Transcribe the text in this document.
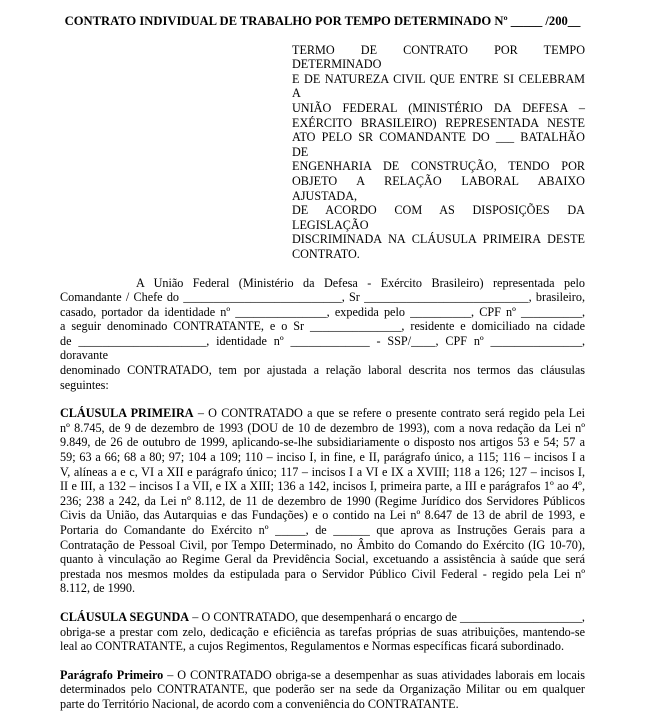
CONTRATO INDIVIDUAL DE TRABALHO POR TEMPO DETERMINADO Nº _____ /200__
TERMO DE CONTRATO POR TEMPO DETERMINADO
E DE NATUREZA CIVIL QUE ENTRE SI CELEBRAM A
UNIÃO FEDERAL (MINISTÉRIO DA DEFESA –
EXÉRCITO BRASILEIRO) REPRESENTADA NESTE
ATO PELO SR COMANDANTE DO ___ BATALHÃO DE
ENGENHARIA DE CONSTRUÇÃO, TENDO POR
OBJETO A RELAÇÃO LABORAL ABAIXO AJUSTADA,
DE ACORDO COM AS DISPOSIÇÕES DA LEGISLAÇÃO
DISCRIMINADA NA CLÁUSULA PRIMEIRA DESTE
CONTRATO.
A União Federal (Ministério da Defesa - Exército Brasileiro) representada pelo
Comandante / Chefe do __________________________, Sr ___________________________, brasileiro,
casado, portador da identidade nº _______________, expedida pelo __________, CPF nº __________,
a seguir denominado CONTRATANTE, e o Sr _______________, residente e domiciliado na cidade
de _____________________, identidade nº _____________ - SSP/____, CPF nº _______________, doravante
denominado CONTRATADO, tem por ajustada a relação laboral descrita nos termos das cláusulas
seguintes:
CLÁUSULA PRIMEIRA – O CONTRATADO a que se refere o presente contrato será regido pela Lei
nº 8.745, de 9 de dezembro de 1993 (DOU de 10 de dezembro de 1993), com a nova redação da Lei nº
9.849, de 26 de outubro de 1999, aplicando-se-lhe subsidiariamente o disposto nos artigos 53 e 54; 57 a
59; 63 a 66; 68 a 80; 97; 104 a 109; 110 – inciso I, in fine, e II, parágrafo único, a 115; 116 – incisos I a
V, alíneas a e c, VI a XII e parágrafo único; 117 – incisos I a VI e IX a XVIII; 118 a 126; 127 – incisos I,
II e III, a 132 – incisos I a VII, e IX a XIII; 136 a 142, incisos I, primeira parte, a III e parágrafos 1º ao 4º,
236; 238 a 242, da Lei nº 8.112, de 11 de dezembro de 1990 (Regime Jurídico dos Servidores Públicos
Civis da União, das Autarquias e das Fundações) e o contido na Lei nº 8.647 de 13 de abril de 1993, e
Portaria do Comandante do Exército nº _____, de ______ que aprova as Instruções Gerais para a
Contratação de Pessoal Civil, por Tempo Determinado, no Âmbito do Comando do Exército (IG 10-70),
quanto à vinculação ao Regime Geral da Previdência Social, excetuando a assistência à saúde que será
prestada nos mesmos moldes da estipulada para o Servidor Público Civil Federal - regido pela Lei nº
8.112, de 1990.
CLÁUSULA SEGUNDA – O CONTRATADO, que desempenhará o encargo de ____________________,
obriga-se a prestar com zelo, dedicação e eficiência as tarefas próprias de suas atribuições, mantendo-se
leal ao CONTRATANTE, a cujos Regimentos, Regulamentos e Normas específicas ficará subordinado.
Parágrafo Primeiro – O CONTRATADO obriga-se a desempenhar as suas atividades laborais em locais
determinados pelo CONTRATANTE, que poderão ser na sede da Organização Militar ou em qualquer
parte do Território Nacional, de acordo com a conveniência do CONTRATANTE.
